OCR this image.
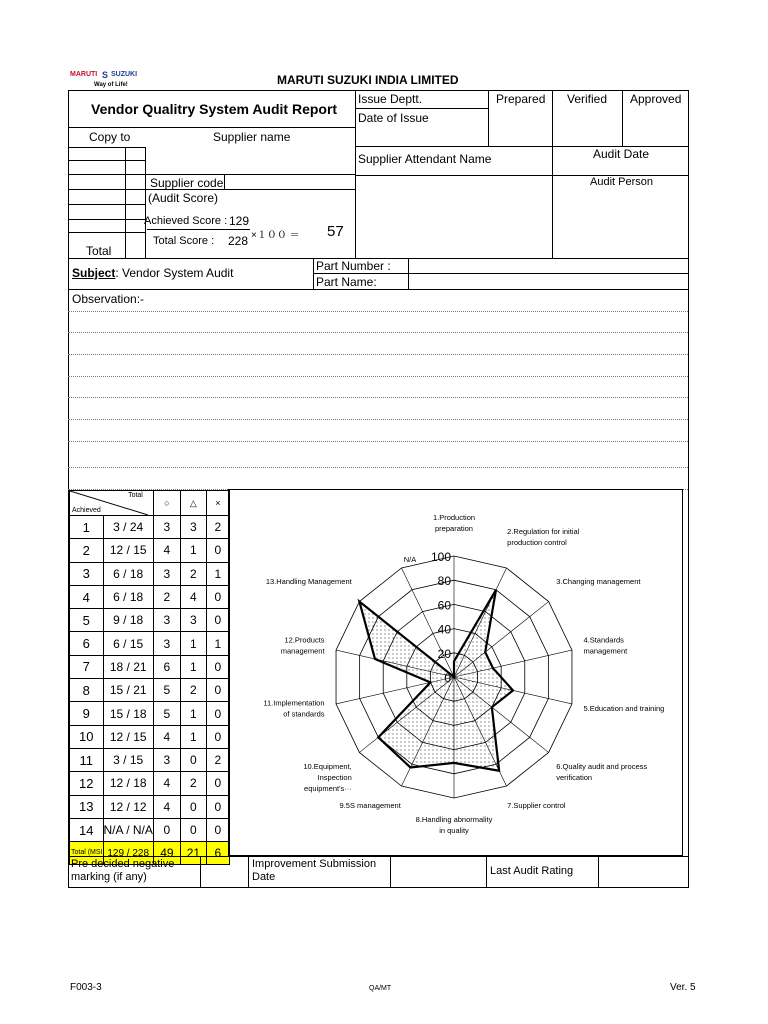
MARUTI S SUZUKI
Way of Life!	MARUTI SUZUKI INDIA LIMITED
Vendor Qualitry System Audit Report
Issue Deptt.	Prepared Verified Approved
Date of Issue
Copy to	Supplier name
Supplier Attendant Name	Audit Date
Audit Person
Supplier code
(Audit Score)
Achieved Score : 129
Total Score : 228 ×１００ ＝ 57
Total
Subject: Vendor System Audit	Part Number :
Part Name:
Observation:-
Total
Achieved		○	△	×
1	3 / 24	3	3	2
2	12 / 15	4	1	0
3	6 / 18	3	2	1
4	6 / 18	2	4	0
5	9 / 18	3	3	0
6	6 / 15	3	1	1
7	18 / 21	6	1	0
8	15 / 21	5	2	0
9	15 / 18	5	1	0
10	12 / 15	4	1	0
11	3 / 15	3	0	2
12	12 / 18	4	2	0
13	12 / 12	4	0	0
14	N/A / N/A	0	0	0
Total (MSI	129 / 228	49	21	6
0
20
40
60
80
100
1.Production
preparation	2.Regulation for initial
production control
3.Changing management
4.Standards
management
5.Education and training
6.Quality audit and process
verification
7.Supplier control
8.Handling abnormality
in quality
9.5S management
10.Equipment,
Inspection
equipment's···
11.Implementation
of standards
12.Products
management
13.Handling Management
N/A
Pre decided negative marking (if any)
Improvement Submission Date	Last Audit Rating
F003-3	QA/MT	Ver. 5
